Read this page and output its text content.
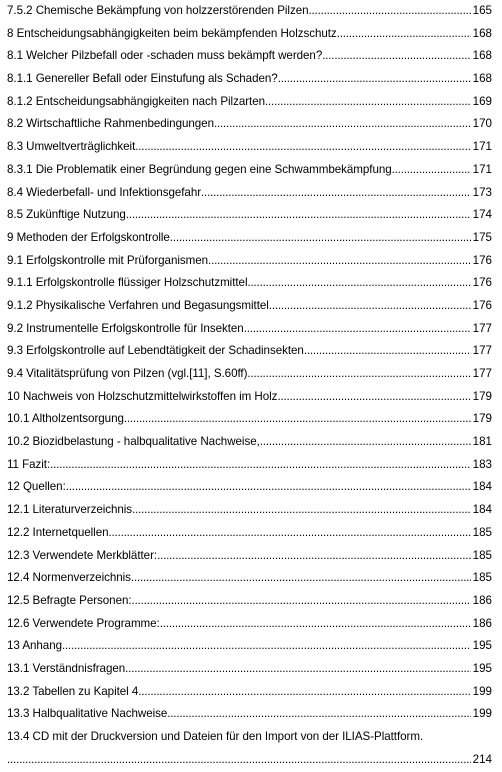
7.5.2 Chemische Bekämpfung von holzzerstörenden Pilzen .....	165
8 Entscheidungsabhängigkeiten beim bekämpfenden Holzschutz .....	168
8.1 Welcher Pilzbefall oder -schaden muss bekämpft werden? .....	168
8.1.1 Genereller Befall oder Einstufung als Schaden? .....	168
8.1.2 Entscheidungsabhängigkeiten nach Pilzarten .....	169
8.2 Wirtschaftliche Rahmenbedingungen .....	170
8.3 Umweltverträglichkeit .....	171
8.3.1 Die Problematik einer Begründung gegen eine Schwammbekämpfung .....	171
8.4 Wiederbefall- und Infektionsgefahr .....	173
8.5 Zukünftige Nutzung .....	174
9 Methoden der Erfolgskontrolle .....	175
9.1 Erfolgskontrolle mit Prüforganismen .....	176
9.1.1 Erfolgskontrolle flüssiger Holzschutzmittel .....	176
9.1.2 Physikalische Verfahren und Begasungsmittel .....	176
9.2 Instrumentelle Erfolgskontrolle für Insekten .....	177
9.3 Erfolgskontrolle auf Lebendtätigkeit der Schadinsekten .....	177
9.4 Vitalitätsprüfung von Pilzen (vgl.[11], S.60ff) .....	177
10 Nachweis von Holzschutzmittelwirkstoffen im Holz .....	179
10.1 Altholzentsorgung .....	179
10.2 Biozidbelastung - halbqualitative Nachweise, .....	181
11 Fazit: .....	183
12 Quellen: .....	184
12.1 Literaturverzeichnis .....	184
12.2 Internetquellen .....	185
12.3 Verwendete Merkblätter: .....	185
12.4 Normenverzeichnis .....	185
12.5 Befragte Personen: .....	186
12.6 Verwendete Programme: .....	186
13 Anhang .....	195
13.1 Verständnisfragen .....	195
13.2 Tabellen zu Kapitel 4 .....	199
13.3 Halbqualitative Nachweise .....	199
13.4 CD mit der Druckversion und Dateien für den Import von der ILIAS-Plattform.
.....
214
